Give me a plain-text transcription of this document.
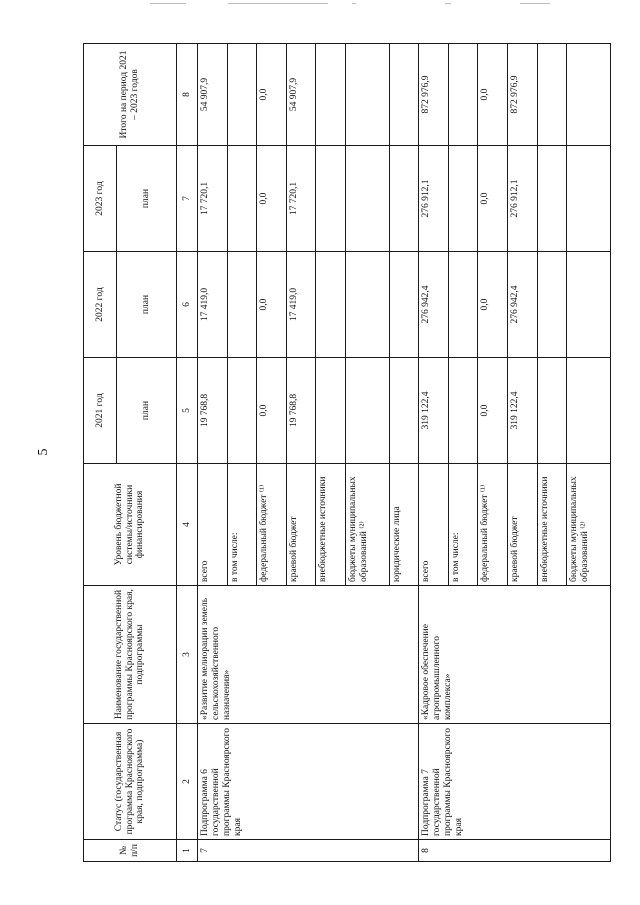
5
№ п/п	Статус (государственная программа Красноярского края, подпрограмма)	Наименование государственной программы Красноярского края, подпрограммы	Уровень бюджетной системы/источники финансирования	2021 год	2022 год	2023 год	Итого на период 2021 – 2023 годов
				план	план	план	
1	2	3	4	5	6	7	8
7	Подпрограмма 6 государственной программы Красноярского края	«Развитие мелиорации земель сельскохозяйственного назначения»	всего	19 768,8	17 419,0	17 720,1	54 907,9
			в том числе:				
			федеральный бюджет ⁽¹⁾	0,0	0,0	0,0	0,0
			краевой бюджет	19 768,8	17 419,0	17 720,1	54 907,9
			внебюджетные источники				
			бюджеты муниципальных образований ⁽²⁾				
			юридические лица				
8	Подпрограмма 7 государственной программы Красноярского края	«Кадровое обеспечение агропромышленного комплекса»	всего	319 122,4	276 942,4	276 912,1	872 976,9
			в том числе:				
			федеральный бюджет ⁽¹⁾	0,0	0,0	0,0	0,0
			краевой бюджет	319 122,4	276 942,4	276 912,1	872 976,9
			внебюджетные источники				
			бюджеты муниципальных образований ⁽²⁾				
